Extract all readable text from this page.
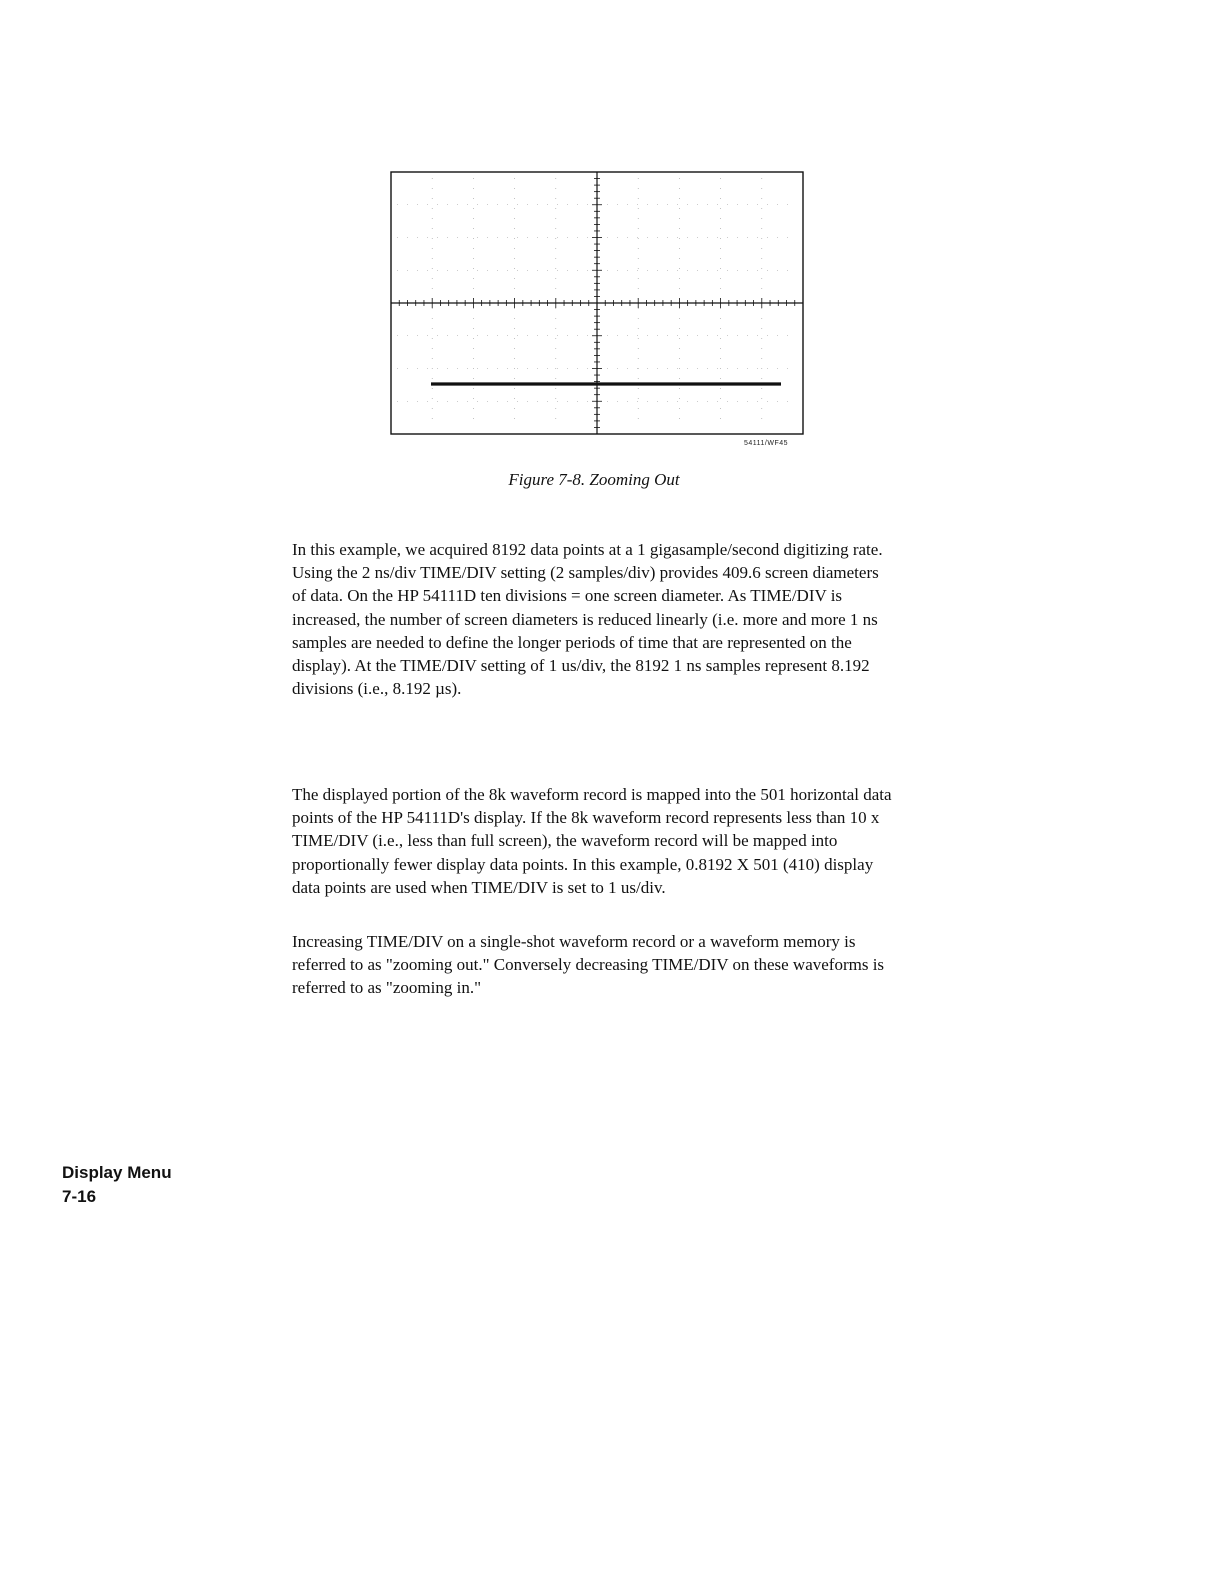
54111/WF45
Figure 7-8. Zooming Out

In this example, we acquired 8192 data points at a 1 gigasample/second digitizing rate. Using the 2 ns/div TIME/DIV setting (2 samples/div) provides 409.6 screen diameters of data. On the HP 54111D ten divisions = one screen diameter. As TIME/DIV is increased, the number of screen diameters is reduced linearly (i.e. more and more 1 ns samples are needed to define the longer periods of time that are represented on the display). At the TIME/DIV setting of 1 us/div, the 8192 1 ns samples represent 8.192 divisions (i.e., 8.192 µs).

The displayed portion of the 8k waveform record is mapped into the 501 horizontal data points of the HP 54111D's display. If the 8k waveform record represents less than 10 x TIME/DIV (i.e., less than full screen), the waveform record will be mapped into proportionally fewer display data points. In this example, 0.8192 X 501 (410) display data points are used when TIME/DIV is set to 1 us/div.

Increasing TIME/DIV on a single-shot waveform record or a waveform memory is referred to as "zooming out." Conversely decreasing TIME/DIV on these waveforms is referred to as "zooming in."

Display Menu
7-16
